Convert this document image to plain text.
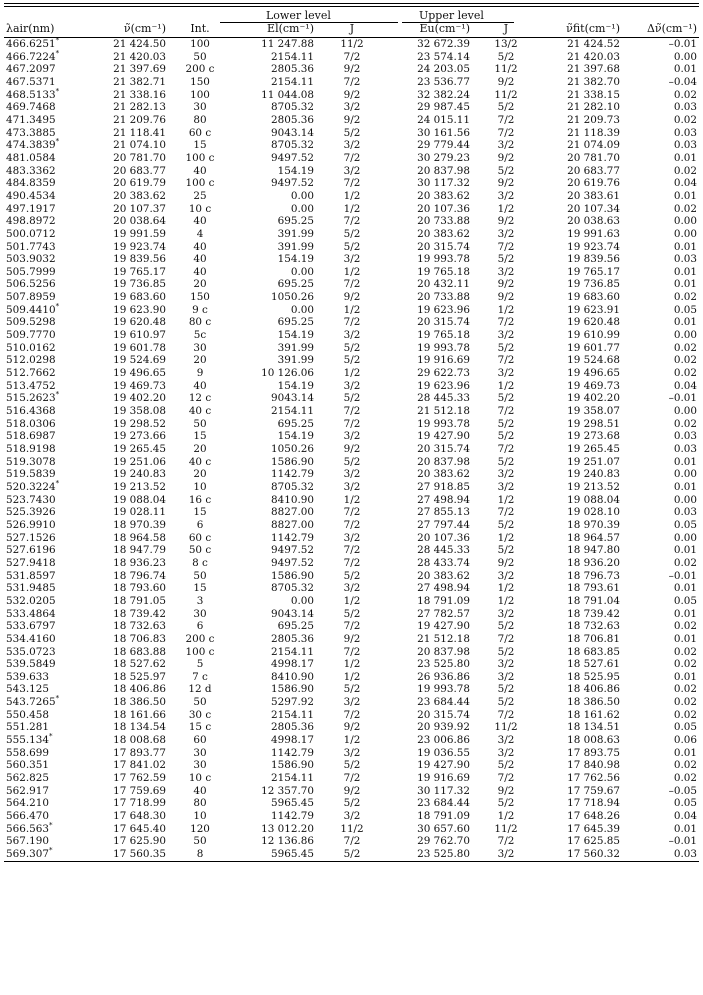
Lower level	Upper level
λair(nm)	ν̃(cm⁻¹)	Int.	El(cm⁻¹)	J	Eu(cm⁻¹)	J	ν̃fit(cm⁻¹)	Δν̃(cm⁻¹)
466.6251*	21 424.50	100	11 247.88	11/2	32 672.39	13/2	21 424.52	–0.01
466.7224*	21 420.03	50	2154.11	7/2	23 574.14	5/2	21 420.03	0.00
467.2097	21 397.69	200 c	2805.36	9/2	24 203.05	11/2	21 397.68	0.01
467.5371	21 382.71	150	2154.11	7/2	23 536.77	9/2	21 382.70	–0.04
468.5133*	21 338.16	100	11 044.08	9/2	32 382.24	11/2	21 338.15	0.02
469.7468	21 282.13	30	8705.32	3/2	29 987.45	5/2	21 282.10	0.03
471.3495	21 209.76	80	2805.36	9/2	24 015.11	7/2	21 209.73	0.02
473.3885	21 118.41	60 c	9043.14	5/2	30 161.56	7/2	21 118.39	0.03
474.3839*	21 074.10	15	8705.32	3/2	29 779.44	3/2	21 074.09	0.03
481.0584	20 781.70	100 c	9497.52	7/2	30 279.23	9/2	20 781.70	0.01
483.3362	20 683.77	40	154.19	3/2	20 837.98	5/2	20 683.77	0.02
484.8359	20 619.79	100 c	9497.52	7/2	30 117.32	9/2	20 619.76	0.04
490.4534	20 383.62	25	0.00	1/2	20 383.62	3/2	20 383.61	0.01
497.1917	20 107.37	10 c	0.00	1/2	20 107.36	1/2	20 107.34	0.02
498.8972	20 038.64	40	695.25	7/2	20 733.88	9/2	20 038.63	0.00
500.0712	19 991.59	4	391.99	5/2	20 383.62	3/2	19 991.63	0.00
501.7743	19 923.74	40	391.99	5/2	20 315.74	7/2	19 923.74	0.01
503.9032	19 839.56	40	154.19	3/2	19 993.78	5/2	19 839.56	0.03
505.7999	19 765.17	40	0.00	1/2	19 765.18	3/2	19 765.17	0.01
506.5256	19 736.85	20	695.25	7/2	20 432.11	9/2	19 736.85	0.01
507.8959	19 683.60	150	1050.26	9/2	20 733.88	9/2	19 683.60	0.02
509.4410*	19 623.90	9 c	0.00	1/2	19 623.96	1/2	19 623.91	0.05
509.5298	19 620.48	80 c	695.25	7/2	20 315.74	7/2	19 620.48	0.01
509.7770	19 610.97	5c	154.19	3/2	19 765.18	3/2	19 610.99	0.00
510.0162	19 601.78	30	391.99	5/2	19 993.78	5/2	19 601.77	0.02
512.0298	19 524.69	20	391.99	5/2	19 916.69	7/2	19 524.68	0.02
512.7662	19 496.65	9	10 126.06	1/2	29 622.73	3/2	19 496.65	0.02
513.4752	19 469.73	40	154.19	3/2	19 623.96	1/2	19 469.73	0.04
515.2623*	19 402.20	12 c	9043.14	5/2	28 445.33	5/2	19 402.20	–0.01
516.4368	19 358.08	40 c	2154.11	7/2	21 512.18	7/2	19 358.07	0.00
518.0306	19 298.52	50	695.25	7/2	19 993.78	5/2	19 298.51	0.02
518.6987	19 273.66	15	154.19	3/2	19 427.90	5/2	19 273.68	0.03
518.9198	19 265.45	20	1050.26	9/2	20 315.74	7/2	19 265.45	0.03
519.3078	19 251.06	40 c	1586.90	5/2	20 837.98	5/2	19 251.07	0.01
519.5839	19 240.83	20	1142.79	3/2	20 383.62	3/2	19 240.83	0.00
520.3224*	19 213.52	10	8705.32	3/2	27 918.85	3/2	19 213.52	0.01
523.7430	19 088.04	16 c	8410.90	1/2	27 498.94	1/2	19 088.04	0.00
525.3926	19 028.11	15	8827.00	7/2	27 855.13	7/2	19 028.10	0.03
526.9910	18 970.39	6	8827.00	7/2	27 797.44	5/2	18 970.39	0.05
527.1526	18 964.58	60 c	1142.79	3/2	20 107.36	1/2	18 964.57	0.00
527.6196	18 947.79	50 c	9497.52	7/2	28 445.33	5/2	18 947.80	0.01
527.9418	18 936.23	8 c	9497.52	7/2	28 433.74	9/2	18 936.20	0.02
531.8597	18 796.74	50	1586.90	5/2	20 383.62	3/2	18 796.73	–0.01
531.9485	18 793.60	15	8705.32	3/2	27 498.94	1/2	18 793.61	0.01
532.0205	18 791.05	3	0.00	1/2	18 791.09	1/2	18 791.04	0.05
533.4864	18 739.42	30	9043.14	5/2	27 782.57	3/2	18 739.42	0.01
533.6797	18 732.63	6	695.25	7/2	19 427.90	5/2	18 732.63	0.02
534.4160	18 706.83	200 c	2805.36	9/2	21 512.18	7/2	18 706.81	0.01
535.0723	18 683.88	100 c	2154.11	7/2	20 837.98	5/2	18 683.85	0.02
539.5849	18 527.62	5	4998.17	1/2	23 525.80	3/2	18 527.61	0.02
539.633	18 525.97	7 c	8410.90	1/2	26 936.86	3/2	18 525.95	0.01
543.125	18 406.86	12 d	1586.90	5/2	19 993.78	5/2	18 406.86	0.02
543.7265*	18 386.50	50	5297.92	3/2	23 684.44	5/2	18 386.50	0.02
550.458	18 161.66	30 c	2154.11	7/2	20 315.74	7/2	18 161.62	0.02
551.281	18 134.54	15 c	2805.36	9/2	20 939.92	11/2	18 134.51	0.05
555.134*	18 008.68	60	4998.17	1/2	23 006.86	3/2	18 008.63	0.06
558.699	17 893.77	30	1142.79	3/2	19 036.55	3/2	17 893.75	0.01
560.351	17 841.02	30	1586.90	5/2	19 427.90	5/2	17 840.98	0.02
562.825	17 762.59	10 c	2154.11	7/2	19 916.69	7/2	17 762.56	0.02
562.917	17 759.69	40	12 357.70	9/2	30 117.32	9/2	17 759.67	–0.05
564.210	17 718.99	80	5965.45	5/2	23 684.44	5/2	17 718.94	0.05
566.470	17 648.30	10	1142.79	3/2	18 791.09	1/2	17 648.26	0.04
566.563*	17 645.40	120	13 012.20	11/2	30 657.60	11/2	17 645.39	0.01
567.190	17 625.90	50	12 136.86	7/2	29 762.70	7/2	17 625.85	–0.01
569.307*	17 560.35	8	5965.45	5/2	23 525.80	3/2	17 560.32	0.03
